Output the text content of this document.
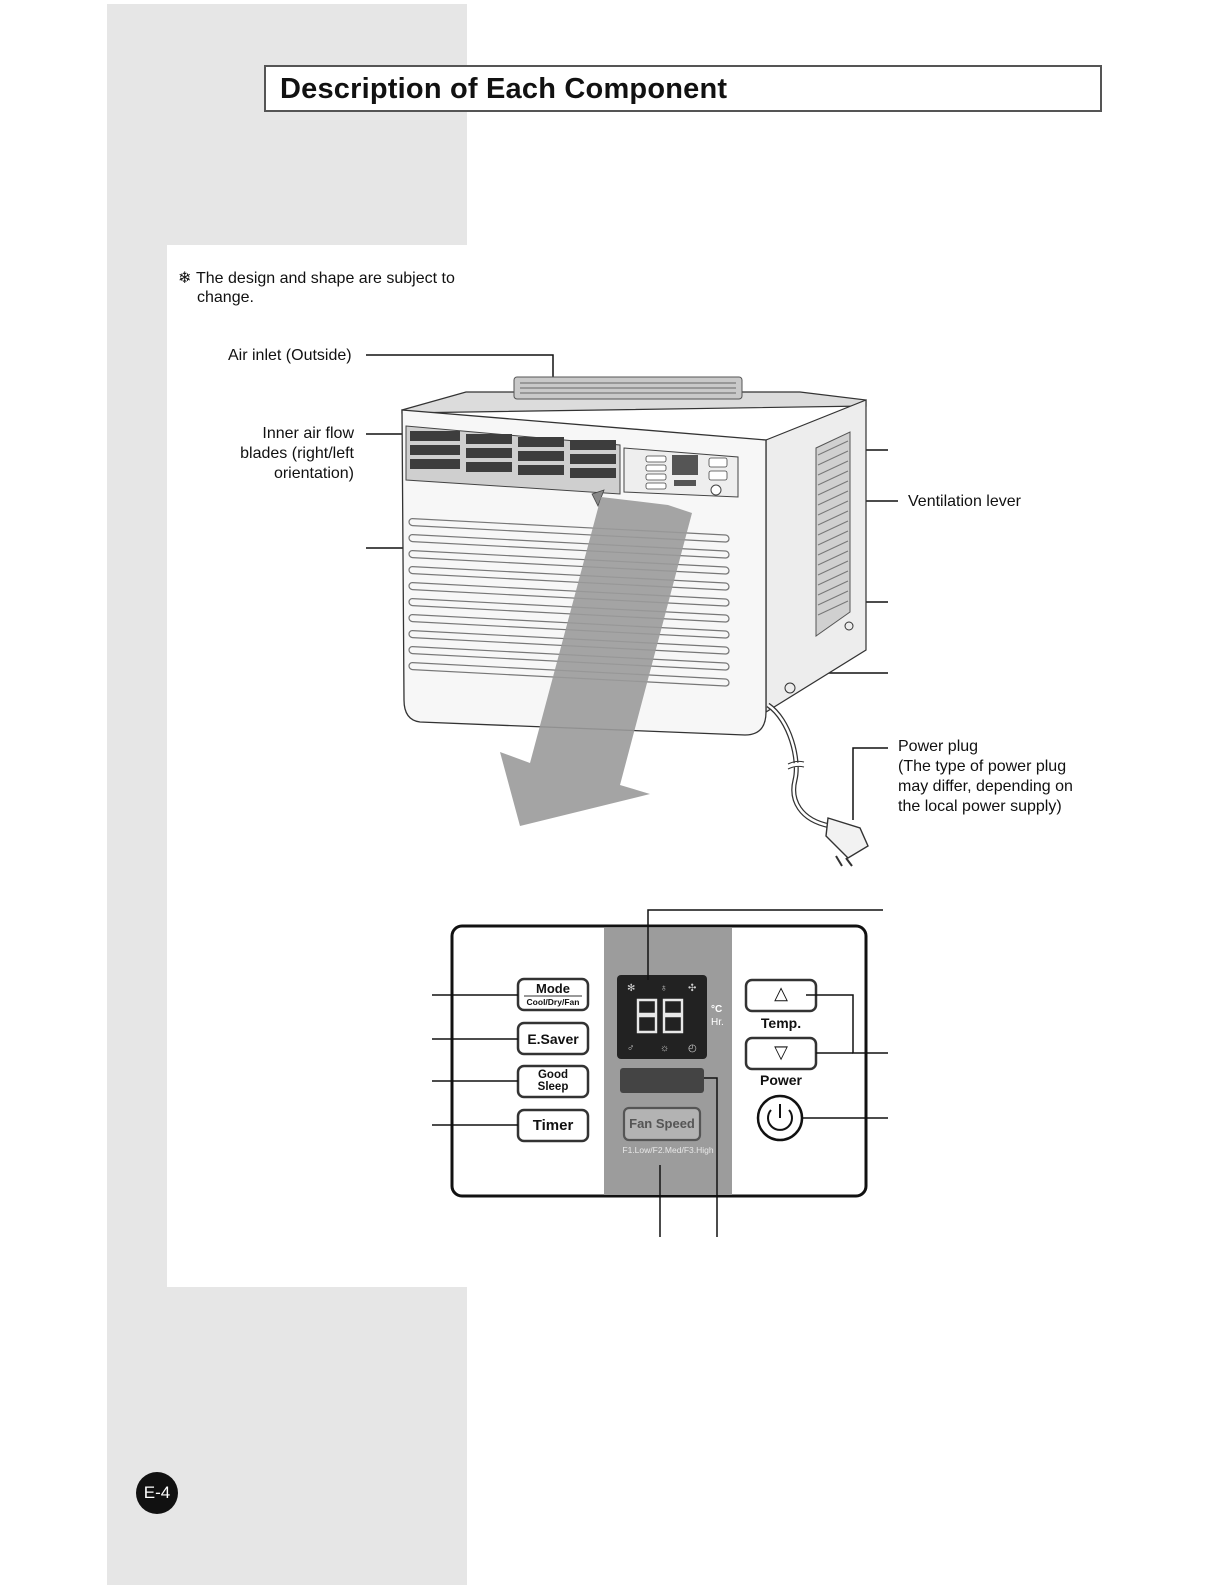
Description of Each Component
❄ The design and shape are subject to
change.
✻ ♁ ✣
♂	☼ ◴
Air inlet (Outside)
Inner air flow
blades (right/left
orientation)
Ventilation lever
Power plug
(The type of power plug
may differ, depending on
the local power supply)
Mode
Cool/Dry/Fan
E.Saver
Good
Sleep
Timer
°C
Hr.
Fan Speed
F1.Low/F2.Med/F3.High
△
Temp.
▽
Power
E-4
